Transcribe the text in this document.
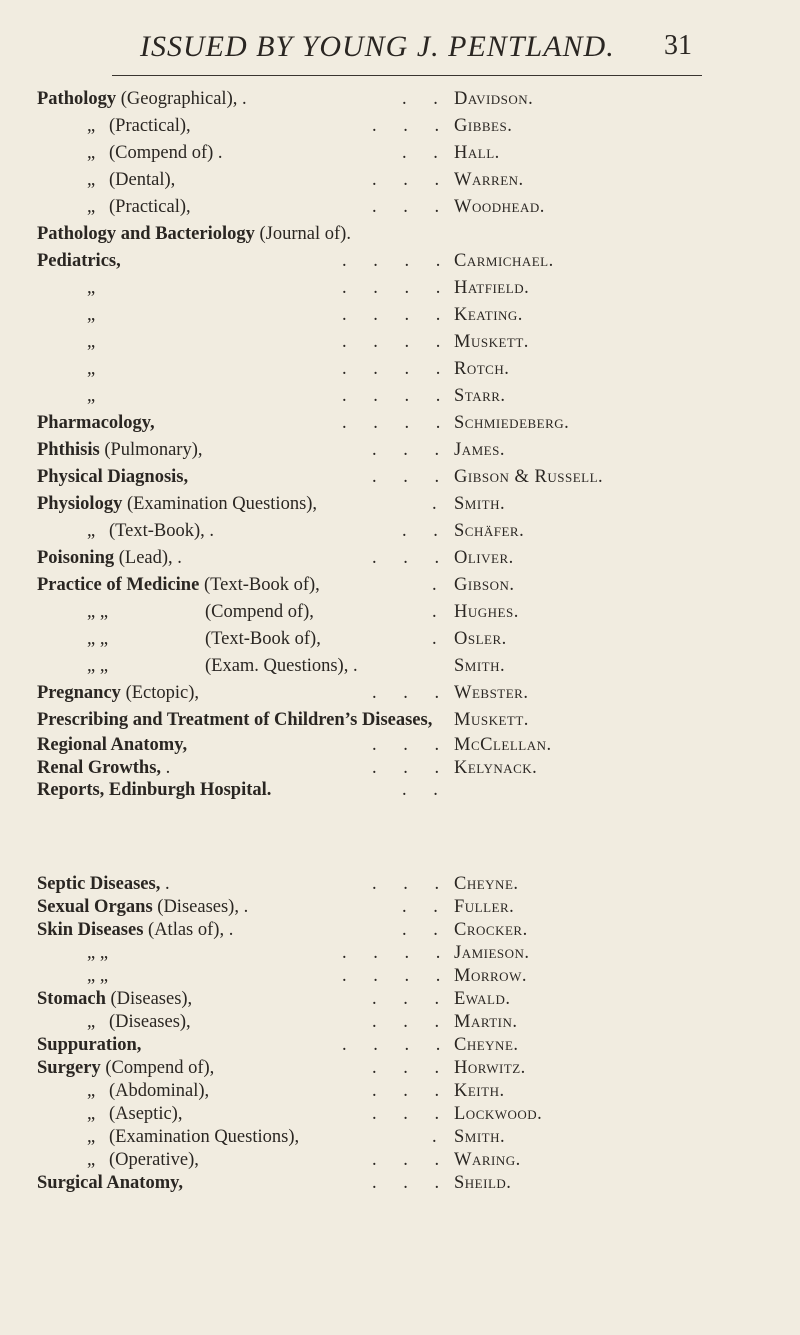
ISSUED BY YOUNG J. PENTLAND. 31
Pathology (Geographical), .	. . Davidson.
„ (Practical),	. . . Gibbes.
„ (Compend of) .	. . Hall.
„ (Dental),	. . . Warren.
„ (Practical),	. . . Woodhead.
Pathology and Bacteriology (Journal of).
Pediatrics,	. . . . Carmichael.
„	. . . . Hatfield.
„	. . . . Keating.
„	. . . . Muskett.
„	. . . . Rotch.
„	. . . . Starr.
Pharmacology,	. . . . Schmiedeberg.
Phthisis (Pulmonary),	. . . James.
Physical Diagnosis,	. . . Gibson & Russell.
Physiology (Examination Questions),	. Smith.
„ (Text-Book), .	. . Schäfer.
Poisoning (Lead), .	. . . Oliver.
Practice of Medicine (Text-Book of),	. Gibson.
„ „	(Compend of),	. Hughes.
„ „	(Text-Book of),	. Osler.
„ „	(Exam. Questions), .	Smith.
Pregnancy (Ectopic),	. . . Webster.
Prescribing and Treatment of Children’s Diseases, Muskett.
Regional Anatomy,	. . . McClellan.
Renal Growths, .	. . . Kelynack.
Reports, Edinburgh Hospital.	. .
Septic Diseases, .	. . . Cheyne.
Sexual Organs (Diseases), .	. . Fuller.
Skin Diseases (Atlas of), .	. . Crocker.
„ „	. . . . Jamieson.
„ „	. . . . Morrow.
Stomach (Diseases),	. . . Ewald.
„ (Diseases),	. . . Martin.
Suppuration,	. . . . Cheyne.
Surgery (Compend of),	. . . Horwitz.
„ (Abdominal),	. . . Keith.
„ (Aseptic),	. . . Lockwood.
„ (Examination Questions),	. Smith.
„ (Operative),	. . . Waring.
Surgical Anatomy,	. . . Sheild.
